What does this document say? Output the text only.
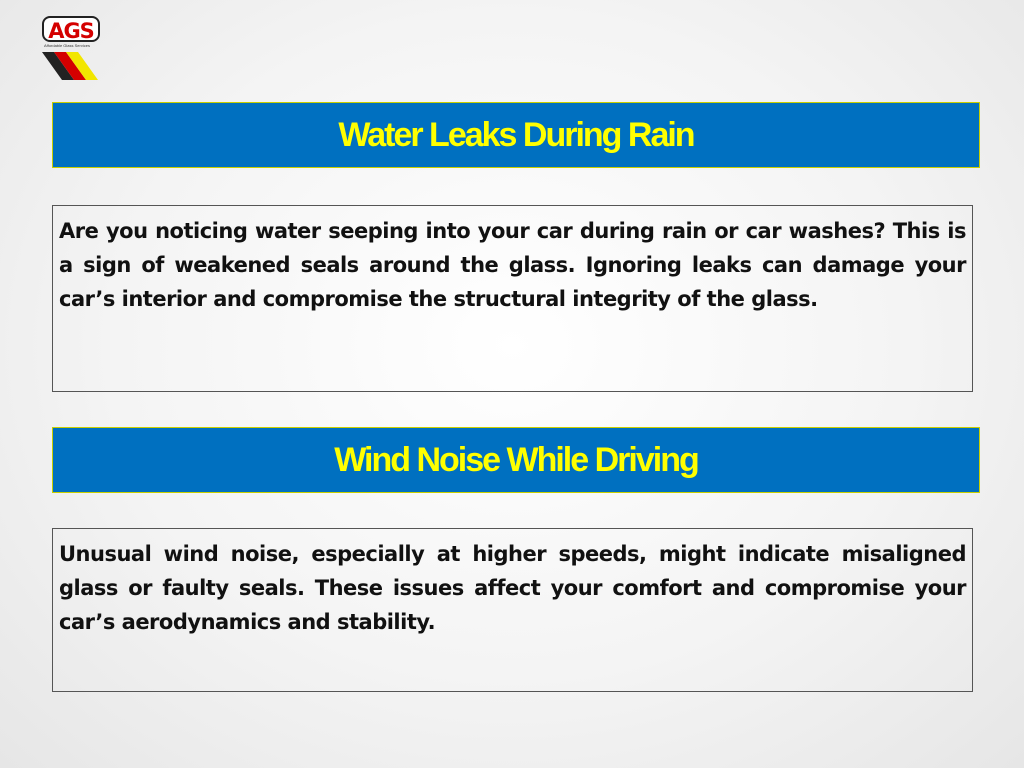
AGS
Affordable Glass Services
Water Leaks During Rain

Are you noticing water seeping into your car during rain or car washes? This is a sign of weakened seals around the glass. Ignoring leaks can damage your car’s interior and compromise the structural integrity of the glass.

Wind Noise While Driving

Unusual wind noise, especially at higher speeds, might indicate misaligned glass or faulty seals. These issues affect your comfort and compromise your car’s aerodynamics and stability.
